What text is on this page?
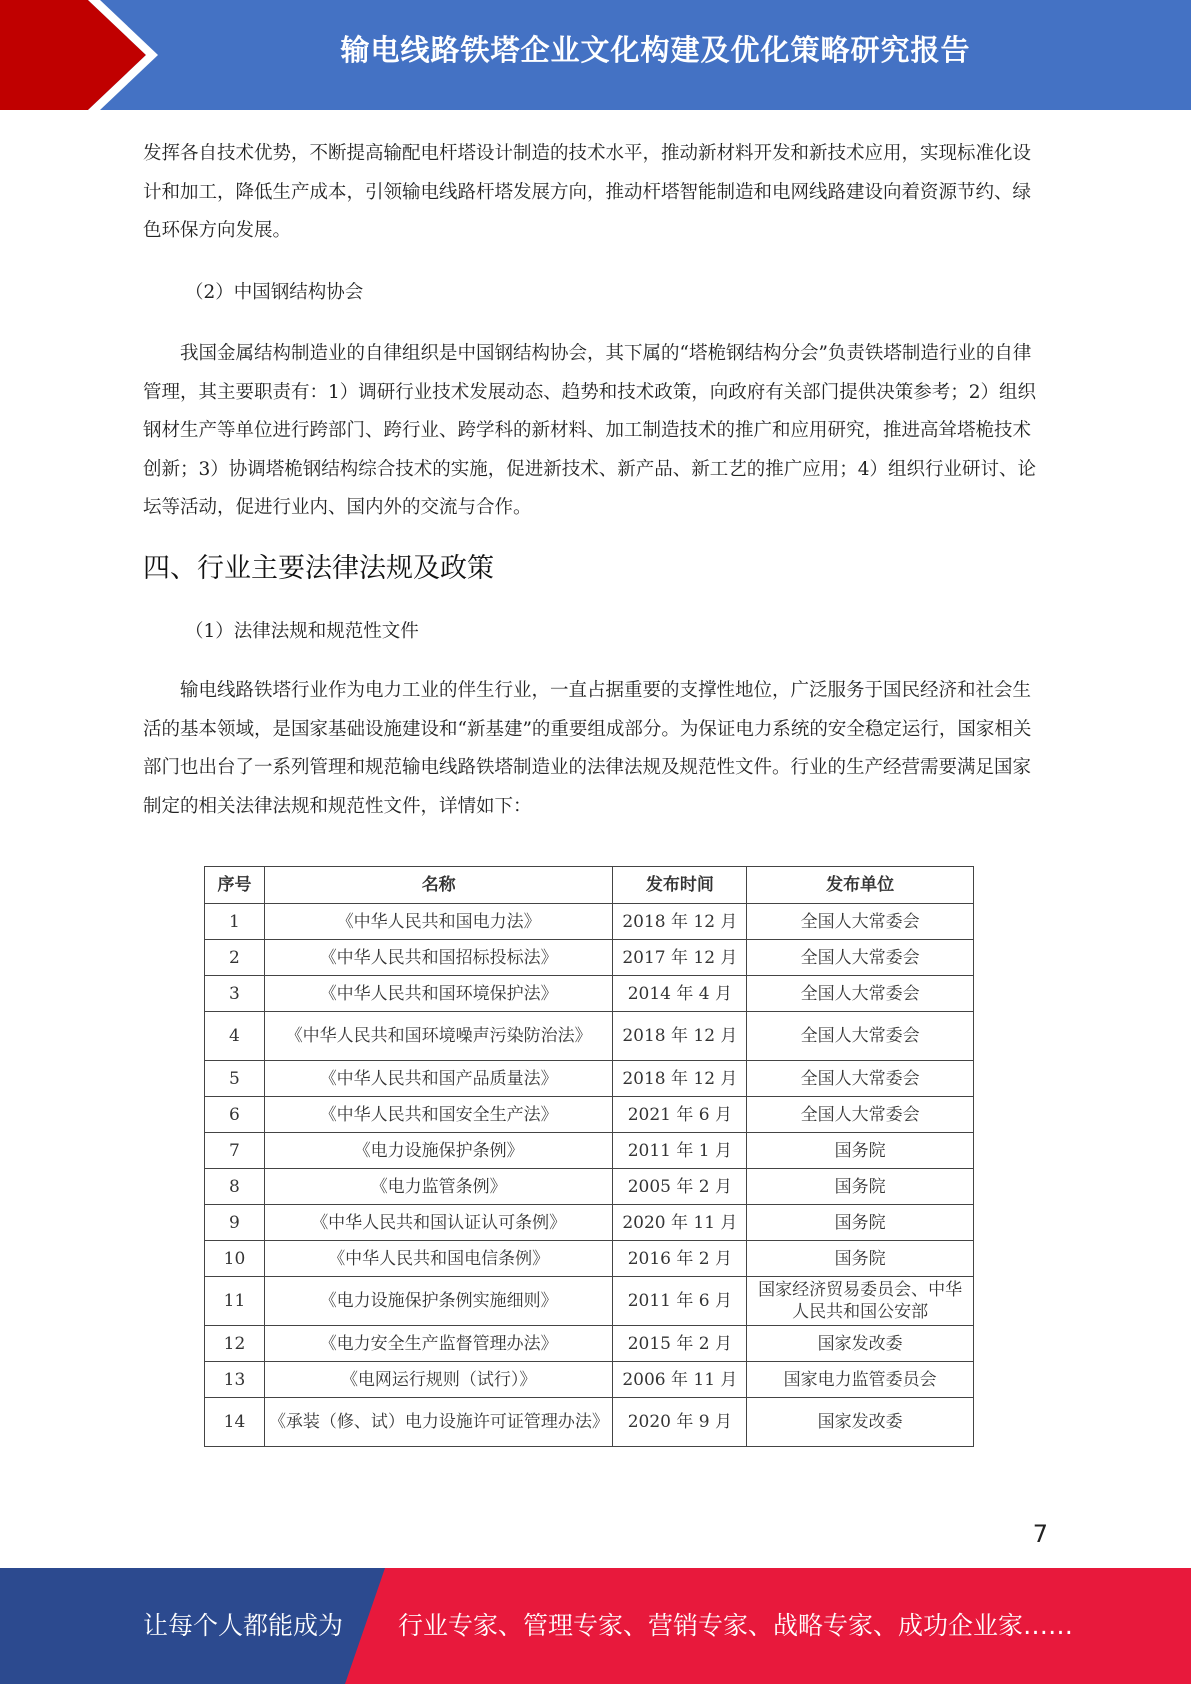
输电线路铁塔企业文化构建及优化策略研究报告

发挥各自技术优势，不断提高输配电杆塔设计制造的技术水平，推动新材料开发和新技术应用，实现标准化设计和加工，降低生产成本，引领输电线路杆塔发展方向，推动杆塔智能制造和电网线路建设向着资源节约、绿色环保方向发展。

（2）中国钢结构协会

我国金属结构制造业的自律组织是中国钢结构协会，其下属的“塔桅钢结构分会”负责铁塔制造行业的自律管理，其主要职责有：1）调研行业技术发展动态、趋势和技术政策，向政府有关部门提供决策参考；2）组织钢材生产等单位进行跨部门、跨行业、跨学科的新材料、加工制造技术的推广和应用研究，推进高耸塔桅技术创新；3）协调塔桅钢结构综合技术的实施，促进新技术、新产品、新工艺的推广应用；4）组织行业研讨、论坛等活动，促进行业内、国内外的交流与合作。

四、行业主要法律法规及政策
（1）法律法规和规范性文件

输电线路铁塔行业作为电力工业的伴生行业，一直占据重要的支撑性地位，广泛服务于国民经济和社会生活的基本领域，是国家基础设施建设和“新基建”的重要组成部分。为保证电力系统的安全稳定运行，国家相关部门也出台了一系列管理和规范输电线路铁塔制造业的法律法规及规范性文件。行业的生产经营需要满足国家制定的相关法律法规和规范性文件，详情如下：

序号	名称	发布时间	发布单位
1	《中华人民共和国电力法》	2018 年 12 月	全国人大常委会
2	《中华人民共和国招标投标法》	2017 年 12 月	全国人大常委会
3	《中华人民共和国环境保护法》	2014 年 4 月	全国人大常委会
4	《中华人民共和国环境噪声污染防治法》	2018 年 12 月	全国人大常委会
5	《中华人民共和国产品质量法》	2018 年 12 月	全国人大常委会
6	《中华人民共和国安全生产法》	2021 年 6 月	全国人大常委会
7	《电力设施保护条例》	2011 年 1 月	国务院
8	《电力监管条例》	2005 年 2 月	国务院
9	《中华人民共和国认证认可条例》	2020 年 11 月	国务院
10	《中华人民共和国电信条例》	2016 年 2 月	国务院
11	《电力设施保护条例实施细则》	2011 年 6 月	国家经济贸易委员会、中华人民共和国公安部
12	《电力安全生产监督管理办法》	2015 年 2 月	国家发改委
13	《电网运行规则（试行）》	2006 年 11 月	国家电力监管委员会
14	《承装（修、试）电力设施许可证管理办法》	2020 年 9 月	国家发改委
7
让每个人都能成为 行业专家、管理专家、营销专家、战略专家、成功企业家……
